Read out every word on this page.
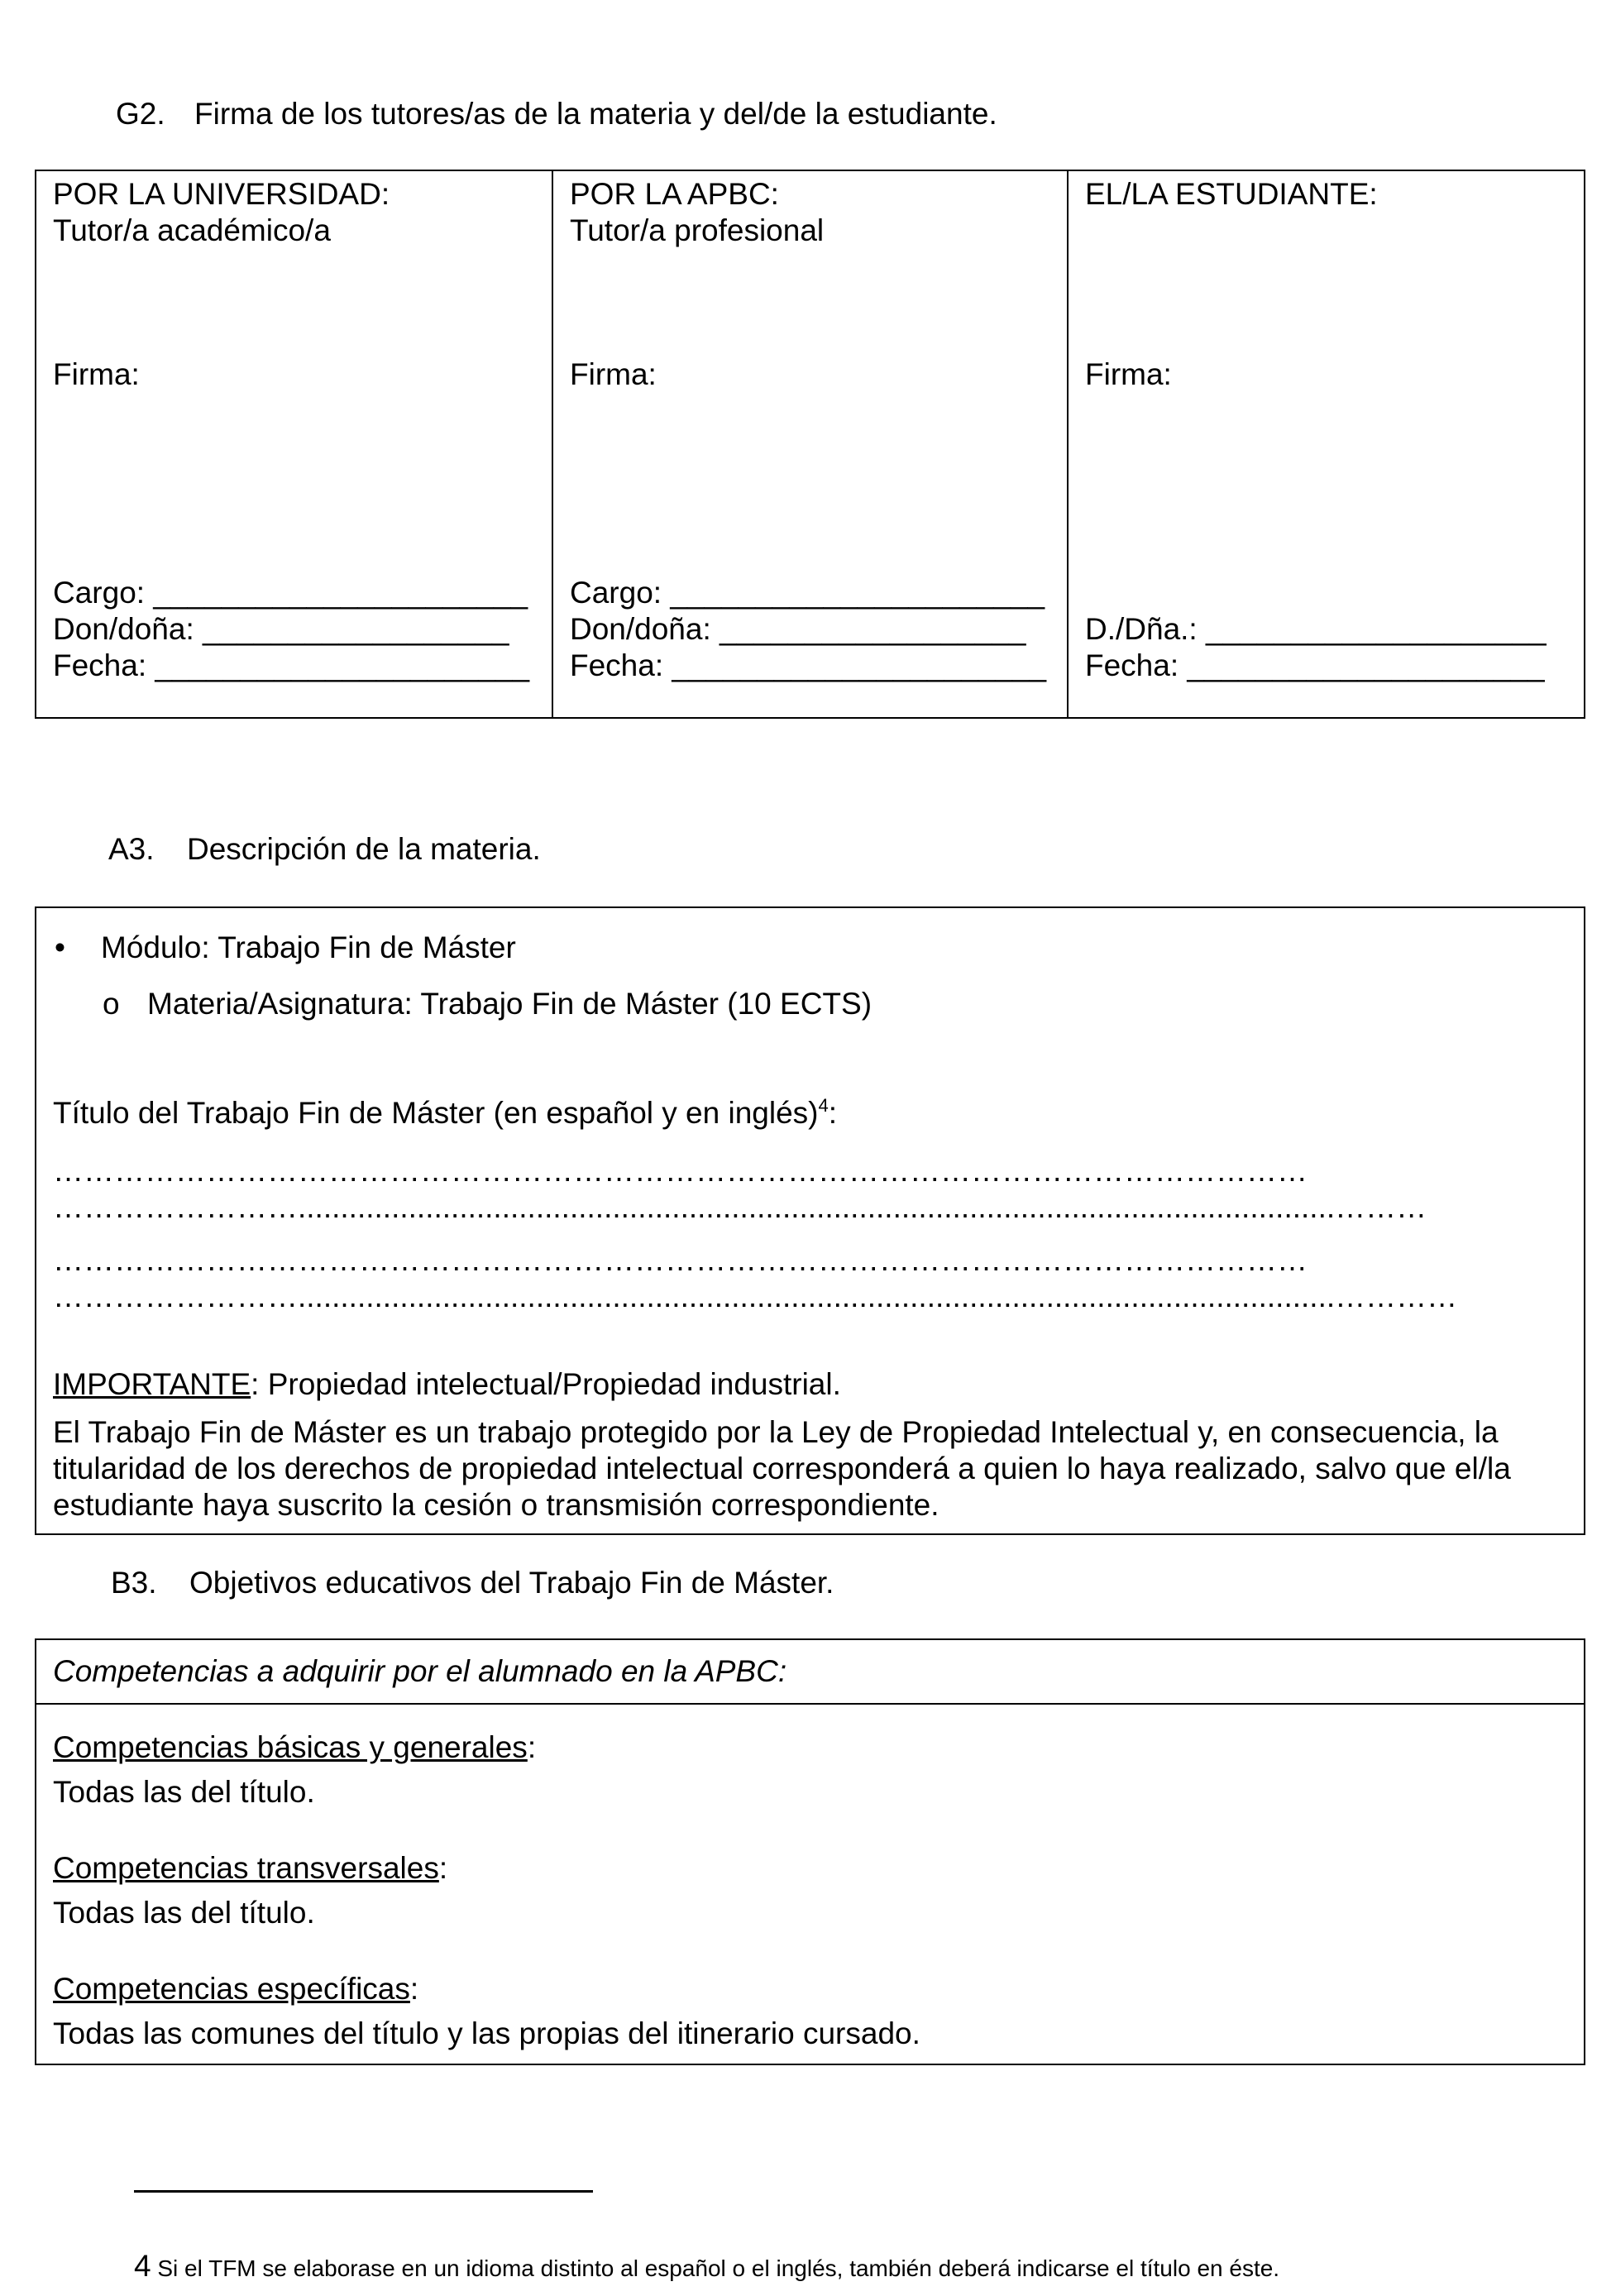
G2. Firma de los tutores/as de la materia y del/de la estudiante.
POR LA UNIVERSIDAD:
Tutor/a académico/a
Firma:
Cargo: ______________________
Don/doña: __________________
Fecha: ______________________
POR LA APBC:
Tutor/a profesional
Firma:
Cargo: ______________________
Don/doña: __________________
Fecha: ______________________
EL/LA ESTUDIANTE:
Firma:
D./Dña.: ____________________
Fecha: _____________________
A3. Descripción de la materia.
• Módulo: Trabajo Fin de Máster
o Materia/Asignatura: Trabajo Fin de Máster (10 ECTS)
Título del Trabajo Fin de Máster (en español y en inglés)$^4$:
……………………………………………………………………………………………………………
……………………..........................................................................................................................………
……………………………………………………………………………………………………………
……………………..........................................................................................................................…………
IMPORTANTE: Propiedad intelectual/Propiedad industrial.
El Trabajo Fin de Máster es un trabajo protegido por la Ley de Propiedad Intelectual y, en consecuencia, la
titularidad de los derechos de propiedad intelectual corresponderá a quien lo haya realizado, salvo que el/la
estudiante haya suscrito la cesión o transmisión correspondiente.
B3. Objetivos educativos del Trabajo Fin de Máster.
Competencias a adquirir por el alumnado en la APBC:
Competencias básicas y generales:
Todas las del título.
Competencias transversales:
Todas las del título.
Competencias específicas:
Todas las comunes del título y las propias del itinerario cursado.
4 Si el TFM se elaborase en un idioma distinto al español o el inglés, también deberá indicarse el título en éste.
